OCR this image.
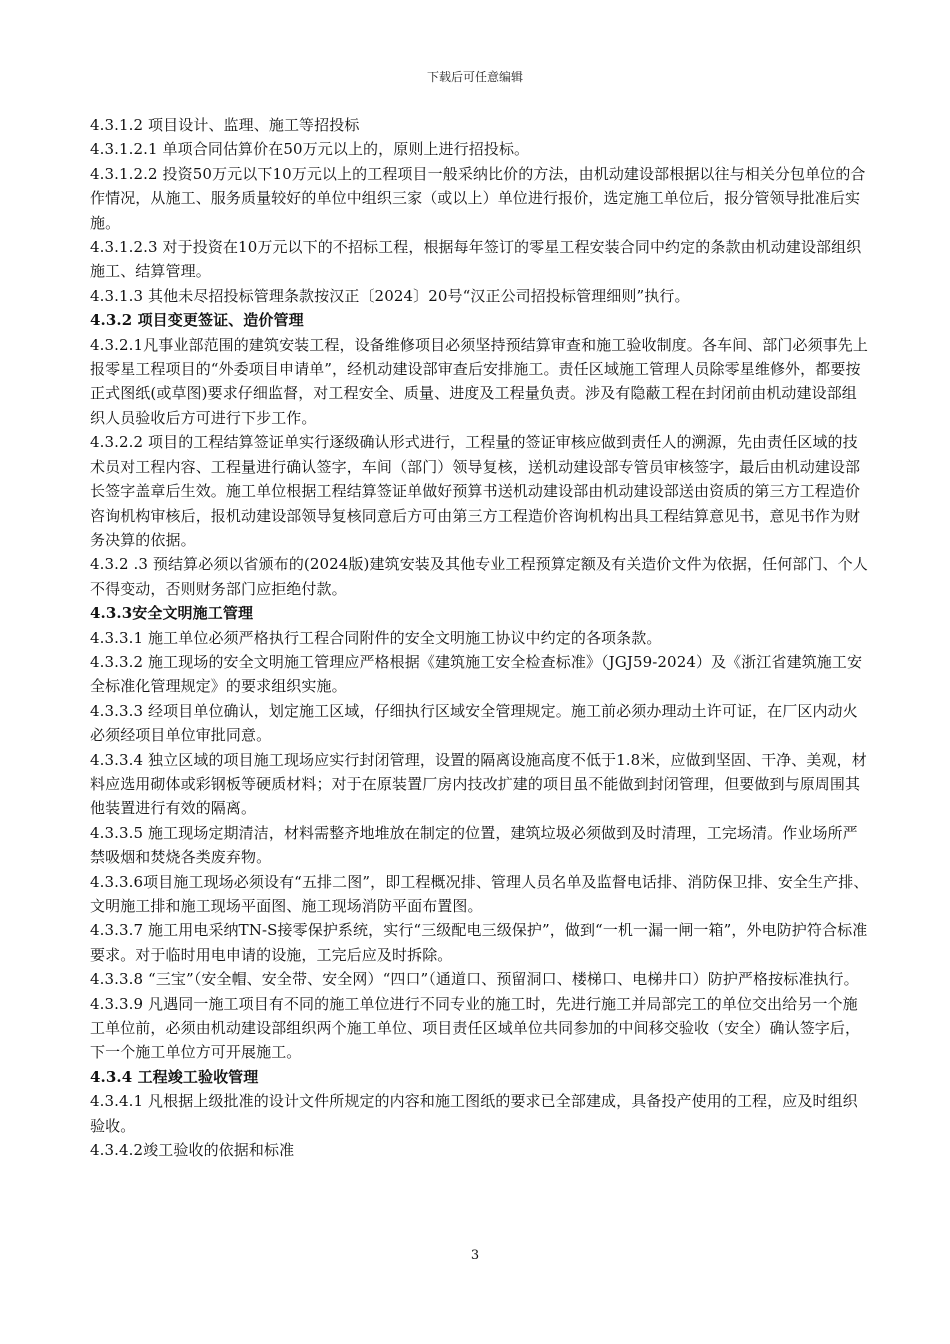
下载后可任意编辑

4.3.1.2 项目设计、监理、施工等招投标

4.3.1.2.1 单项合同估算价在50万元以上的，原则上进行招投标。

4.3.1.2.2 投资50万元以下10万元以上的工程项目一般采纳比价的方法，由机动建设部根据以往与相关分包单位的合作情况，从施工、服务质量较好的单位中组织三家（或以上）单位进行报价，选定施工单位后，报分管领导批准后实施。

4.3.1.2.3 对于投资在10万元以下的不招标工程，根据每年签订的零星工程安装合同中约定的条款由机动建设部组织施工、结算管理。

4.3.1.3 其他未尽招投标管理条款按汉正〔2024〕20号“汉正公司招投标管理细则”执行。

4.3.2 项目变更签证、造价管理

4.3.2.1凡事业部范围的建筑安装工程，设备维修项目必须坚持预结算审查和施工验收制度。各车间、部门必须事先上报零星工程项目的“外委项目申请单”，经机动建设部审查后安排施工。责任区域施工管理人员除零星维修外，都要按正式图纸(或草图)要求仔细监督，对工程安全、质量、进度及工程量负责。涉及有隐蔽工程在封闭前由机动建设部组织人员验收后方可进行下步工作。

4.3.2.2 项目的工程结算签证单实行逐级确认形式进行，工程量的签证审核应做到责任人的溯源，先由责任区域的技术员对工程内容、工程量进行确认签字，车间（部门）领导复核，送机动建设部专管员审核签字，最后由机动建设部长签字盖章后生效。施工单位根据工程结算签证单做好预算书送机动建设部由机动建设部送由资质的第三方工程造价咨询机构审核后，报机动建设部领导复核同意后方可由第三方工程造价咨询机构出具工程结算意见书，意见书作为财务决算的依据。

4.3.2 .3 预结算必须以省颁布的(2024版)建筑安装及其他专业工程预算定额及有关造价文件为依据，任何部门、个人不得变动，否则财务部门应拒绝付款。

4.3.3安全文明施工管理

4.3.3.1 施工单位必须严格执行工程合同附件的安全文明施工协议中约定的各项条款。

4.3.3.2 施工现场的安全文明施工管理应严格根据《建筑施工安全检查标准》（JGJ59-2024）及《浙江省建筑施工安全标准化管理规定》的要求组织实施。

4.3.3.3 经项目单位确认，划定施工区域，仔细执行区域安全管理规定。施工前必须办理动土许可证，在厂区内动火必须经项目单位审批同意。

4.3.3.4 独立区域的项目施工现场应实行封闭管理，设置的隔离设施高度不低于1.8米，应做到坚固、干净、美观，材料应选用砌体或彩钢板等硬质材料；对于在原装置厂房内技改扩建的项目虽不能做到封闭管理，但要做到与原周围其他装置进行有效的隔离。

4.3.3.5 施工现场定期清洁，材料需整齐地堆放在制定的位置，建筑垃圾必须做到及时清理，工完场清。作业场所严禁吸烟和焚烧各类废弃物。

4.3.3.6项目施工现场必须设有“五排二图”，即工程概况排、管理人员名单及监督电话排、消防保卫排、安全生产排、文明施工排和施工现场平面图、施工现场消防平面布置图。

4.3.3.7 施工用电采纳TN-S接零保护系统，实行“三级配电三级保护”，做到“一机一漏一闸一箱”，外电防护符合标准要求。对于临时用电申请的设施，工完后应及时拆除。

4.3.3.8 “三宝”（安全帽、安全带、安全网）“四口”（通道口、预留洞口、楼梯口、电梯井口）防护严格按标准执行。

4.3.3.9 凡遇同一施工项目有不同的施工单位进行不同专业的施工时，先进行施工并局部完工的单位交出给另一个施工单位前，必须由机动建设部组织两个施工单位、项目责任区域单位共同参加的中间移交验收（安全）确认签字后，下一个施工单位方可开展施工。

4.3.4 工程竣工验收管理

4.3.4.1 凡根据上级批准的设计文件所规定的内容和施工图纸的要求已全部建成，具备投产使用的工程，应及时组织验收。

4.3.4.2竣工验收的依据和标准

3
